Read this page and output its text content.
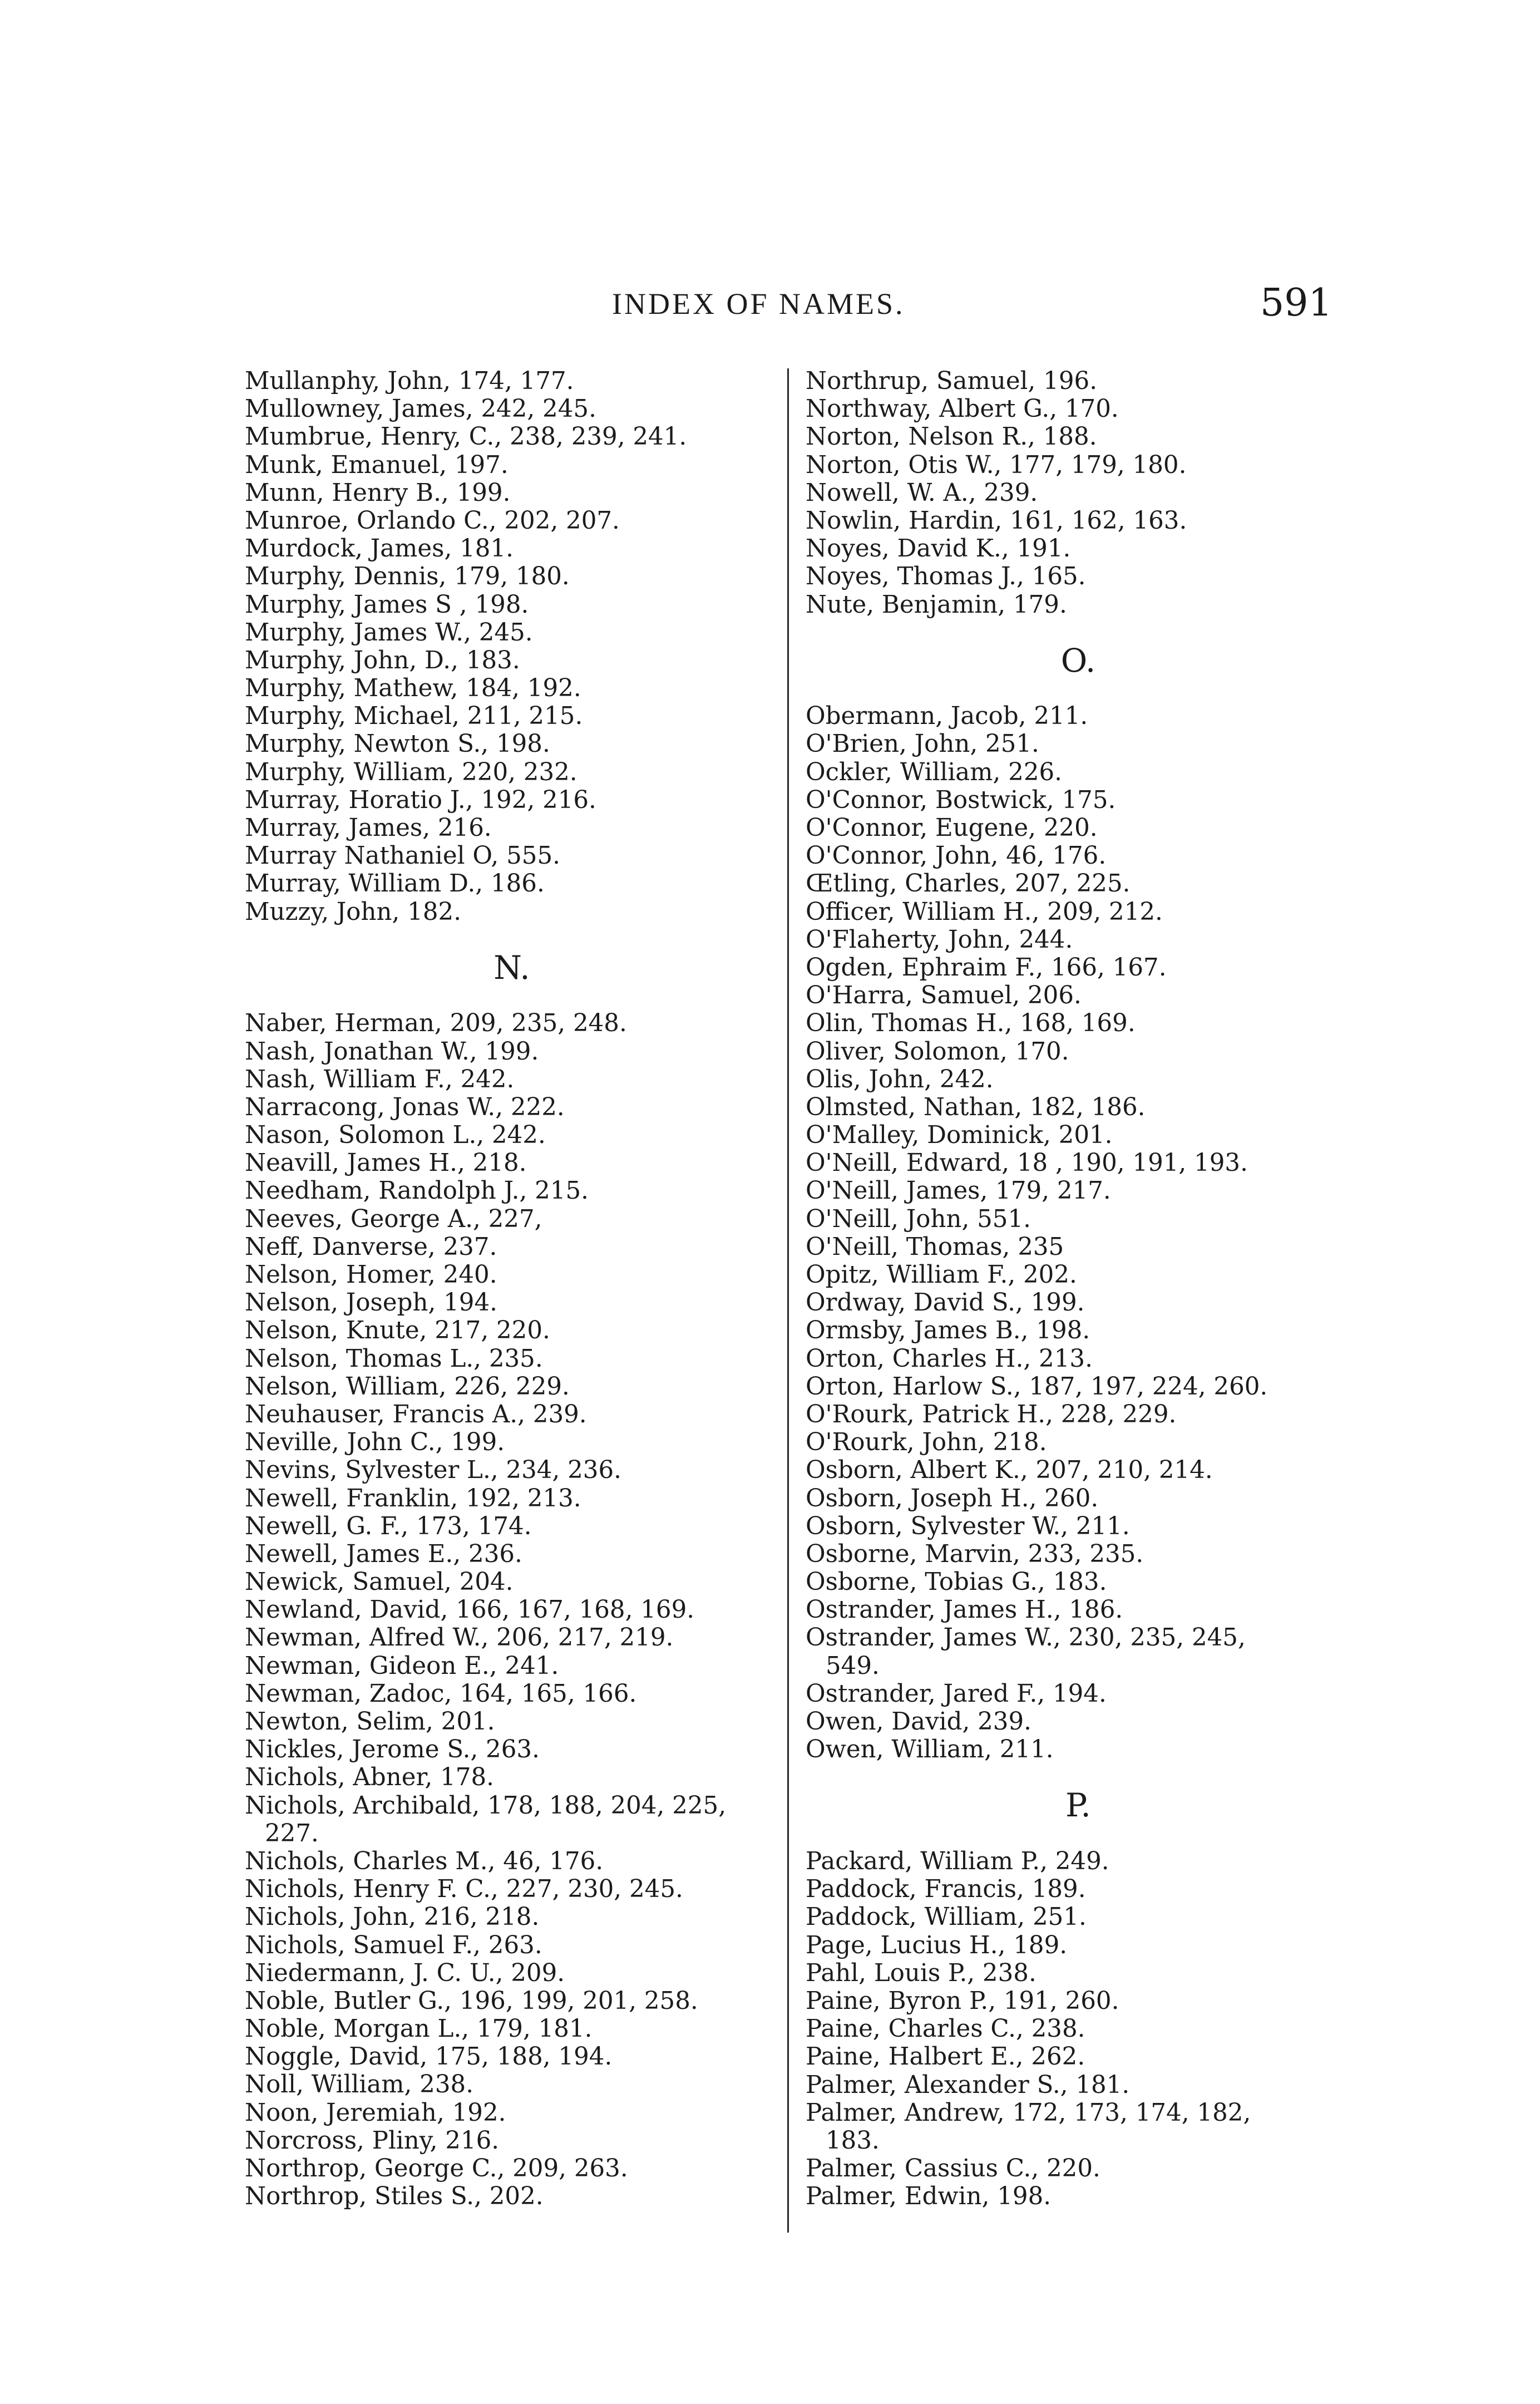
INDEX OF NAMES.	591
Mullanphy, John, 174, 177.
Mullowney, James, 242, 245.
Mumbrue, Henry, C., 238, 239, 241.
Munk, Emanuel, 197.
Munn, Henry B., 199.
Munroe, Orlando C., 202, 207.
Murdock, James, 181.
Murphy, Dennis, 179, 180.
Murphy, James S , 198.
Murphy, James W., 245.
Murphy, John, D., 183.
Murphy, Mathew, 184, 192.
Murphy, Michael, 211, 215.
Murphy, Newton S., 198.
Murphy, William, 220, 232.
Murray, Horatio J., 192, 216.
Murray, James, 216.
Murray Nathaniel O, 555.
Murray, William D., 186.
Muzzy, John, 182.
N.
Naber, Herman, 209, 235, 248.
Nash, Jonathan W., 199.
Nash, William F., 242.
Narracong, Jonas W., 222.
Nason, Solomon L., 242.
Neavill, James H., 218.
Needham, Randolph J., 215.
Neeves, George A., 227,
Neff, Danverse, 237.
Nelson, Homer, 240.
Nelson, Joseph, 194.
Nelson, Knute, 217, 220.
Nelson, Thomas L., 235.
Nelson, William, 226, 229.
Neuhauser, Francis A., 239.
Neville, John C., 199.
Nevins, Sylvester L., 234, 236.
Newell, Franklin, 192, 213.
Newell, G. F., 173, 174.
Newell, James E., 236.
Newick, Samuel, 204.
Newland, David, 166, 167, 168, 169.
Newman, Alfred W., 206, 217, 219.
Newman, Gideon E., 241.
Newman, Zadoc, 164, 165, 166.
Newton, Selim, 201.
Nickles, Jerome S., 263.
Nichols, Abner, 178.
Nichols, Archibald, 178, 188, 204, 225,
227.
Nichols, Charles M., 46, 176.
Nichols, Henry F. C., 227, 230, 245.
Nichols, John, 216, 218.
Nichols, Samuel F., 263.
Niedermann, J. C. U., 209.
Noble, Butler G., 196, 199, 201, 258.
Noble, Morgan L., 179, 181.
Noggle, David, 175, 188, 194.
Noll, William, 238.
Noon, Jeremiah, 192.
Norcross, Pliny, 216.
Northrop, George C., 209, 263.
Northrop, Stiles S., 202.
Northrup, Samuel, 196.
Northway, Albert G., 170.
Norton, Nelson R., 188.
Norton, Otis W., 177, 179, 180.
Nowell, W. A., 239.
Nowlin, Hardin, 161, 162, 163.
Noyes, David K., 191.
Noyes, Thomas J., 165.
Nute, Benjamin, 179.
O.
Obermann, Jacob, 211.
O'Brien, John, 251.
Ockler, William, 226.
O'Connor, Bostwick, 175.
O'Connor, Eugene, 220.
O'Connor, John, 46, 176.
Œtling, Charles, 207, 225.
Officer, William H., 209, 212.
O'Flaherty, John, 244.
Ogden, Ephraim F., 166, 167.
O'Harra, Samuel, 206.
Olin, Thomas H., 168, 169.
Oliver, Solomon, 170.
Olis, John, 242.
Olmsted, Nathan, 182, 186.
O'Malley, Dominick, 201.
O'Neill, Edward, 18 , 190, 191, 193.
O'Neill, James, 179, 217.
O'Neill, John, 551.
O'Neill, Thomas, 235
Opitz, William F., 202.
Ordway, David S., 199.
Ormsby, James B., 198.
Orton, Charles H., 213.
Orton, Harlow S., 187, 197, 224, 260.
O'Rourk, Patrick H., 228, 229.
O'Rourk, John, 218.
Osborn, Albert K., 207, 210, 214.
Osborn, Joseph H., 260.
Osborn, Sylvester W., 211.
Osborne, Marvin, 233, 235.
Osborne, Tobias G., 183.
Ostrander, James H., 186.
Ostrander, James W., 230, 235, 245,
549.
Ostrander, Jared F., 194.
Owen, David, 239.
Owen, William, 211.
P.
Packard, William P., 249.
Paddock, Francis, 189.
Paddock, William, 251.
Page, Lucius H., 189.
Pahl, Louis P., 238.
Paine, Byron P., 191, 260.
Paine, Charles C., 238.
Paine, Halbert E., 262.
Palmer, Alexander S., 181.
Palmer, Andrew, 172, 173, 174, 182,
183.
Palmer, Cassius C., 220.
Palmer, Edwin, 198.
